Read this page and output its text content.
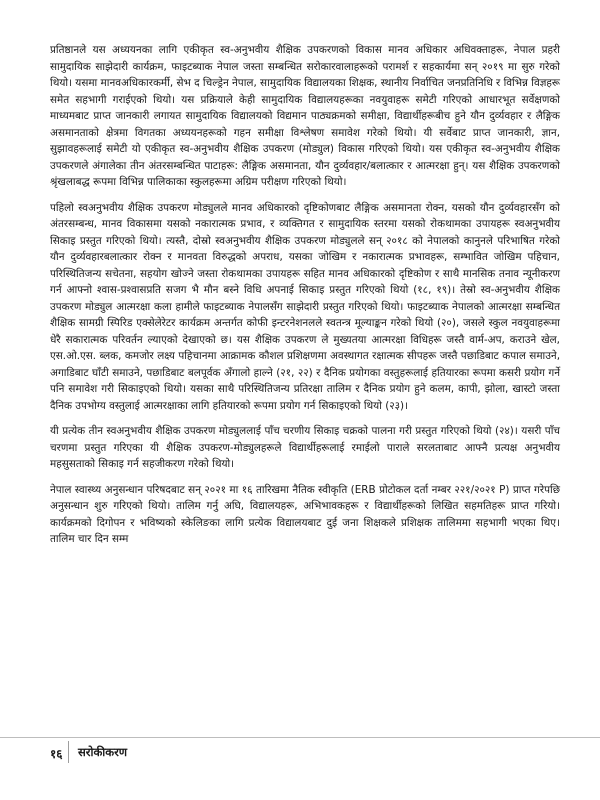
प्रतिष्ठानले यस अध्ययनका लागि एकीकृत स्व-अनुभवीय शैक्षिक उपकरणको विकास मानव अधिकार अधिवक्ताहरू, नेपाल प्रहरी सामुदायिक साझेदारी कार्यक्रम, फाइटब्याक नेपाल जस्ता सम्बन्धित सरोकारवालाहरूको परामर्श र सहकार्यमा सन् २०१९ मा सुरु गरेको थियो। यसमा मानवअधिकारकर्मी, सेभ द चिल्ड्रेन नेपाल, सामुदायिक विद्यालयका शिक्षक, स्थानीय निर्वाचित जनप्रतिनिधि र विभिन्न विज्ञहरू समेत सहभागी गराईएको थियो। यस प्रक्रियाले केही सामुदायिक विद्यालयहरूका नवयुवाहरू समेटी गरिएको आधारभूत सर्वेक्षणको माध्यमबाट प्राप्त जानकारी लगायत सामुदायिक विद्यालयको विद्यमान पाठ्यक्रमको समीक्षा, विद्यार्थीहरूबीच हुने यौन दुर्व्यवहार र लैङ्गिक असमानताको क्षेत्रमा विगतका अध्ययनहरूको गहन समीक्षा विश्लेषण समावेश गरेको थियो। यी सर्वेबाट प्राप्त जानकारी, ज्ञान, सुझावहरूलाई समेटी यो एकीकृत स्व-अनुभवीय शैक्षिक उपकरण (मोड्युल) विकास गरिएको थियो। यस एकीकृत स्व-अनुभवीय शैक्षिक उपकरणले अंगालेका तीन अंतरसम्बन्धित पाटाहरू: लैङ्गिक असमानता, यौन दुर्व्यवहार/बलात्कार र आत्मरक्षा हुन्। यस शैक्षिक उपकरणको श्रृंखलाबद्ध रूपमा विभिन्न पालिकाका स्कुलहरूमा अग्रिम परीक्षण गरिएको थियो।

पहिलो स्वअनुभवीय शैक्षिक उपकरण मोड्युलले मानव अधिकारको दृष्टिकोणबाट लैङ्गिक असमानता रोक्न, यसको यौन दुर्व्यवहारसँग को अंतरसम्बन्ध, मानव विकासमा यसको नकारात्मक प्रभाव, र व्यक्तिगत र सामुदायिक स्तरमा यसको रोकथामका उपायहरू स्वअनुभवीय सिकाइ प्रस्तुत गरिएको थियो। त्यस्तै, दोस्रो स्वअनुभवीय शैक्षिक उपकरण मोड्युलले सन् २०१८ को नेपालको कानुनले परिभाषित गरेको यौन दुर्व्यवहारबलात्कार रोक्न र मानवता विरुद्धको अपराध, यसका जोखिम र नकारात्मक प्रभावहरू, सम्भावित जोखिम पहिचान, परिस्थितिजन्य सचेतना, सहयोग खोज्ने जस्ता रोकथामका उपायहरू सहित मानव अधिकारको दृष्टिकोण र साथै मानसिक तनाव न्यूनीकरण गर्न आफ्नो श्वास-प्रश्वासप्रति सजग भै मौन बस्ने विधि अपनाई सिकाइ प्रस्तुत गरिएको थियो (१८, १९)। तेस्रो स्व-अनुभवीय शैक्षिक उपकरण मोड्युल आत्मरक्षा कला हामीले फाइटब्याक नेपालसँग साझेदारी प्रस्तुत गरिएको थियो। फाइटब्याक नेपालको आत्मरक्षा सम्बन्धित शैक्षिक सामग्री स्पिरिड एक्सेलेरेटर कार्यक्रम अन्तर्गत कोफी इन्टरनेशनलले स्वतन्त्र मूल्याङ्कन गरेको थियो (२०), जसले स्कुल नवयुवाहरूमा धेरै सकारात्मक परिवर्तन ल्याएको देखाएको छ। यस शैक्षिक उपकरण ले मुख्यतया आत्मरक्षा विधिहरू जस्तै वार्म-अप, कराउने खेल, एस.ओ.एस. ब्लक, कमजोर लक्ष्य पहिचानमा आक्रामक कौशल प्रशिक्षणमा अवस्थागत रक्षात्मक सीपहरू जस्तै पछाडिबाट कपाल समाउने, अगाडिबाट घाँटी समाउने, पछाडिबाट बलपूर्वक अँगालो हाल्ने (२१, २२) र दैनिक प्रयोगका वस्तुहरूलाई हतियारका रूपमा कसरी प्रयोग गर्ने पनि समावेश गरी सिकाइएको थियो। यसका साथै परिस्थितिजन्य प्रतिरक्षा तालिम र दैनिक प्रयोग हुने कलम, कापी, झोला, खास्टो जस्ता दैनिक उपभोग्य वस्तुलाई आत्मरक्षाका लागि हतियारको रूपमा प्रयोग गर्न सिकाइएको थियो (२३)।

यी प्रत्येक तीन स्वअनुभवीय शैक्षिक उपकरण मोड्युललाई पाँच चरणीय सिकाइ चक्रको पालना गरी प्रस्तुत गरिएको थियो (२४)। यसरी पाँच चरणमा प्रस्तुत गरिएका यी शैक्षिक उपकरण-मोड्युलहरूले विद्यार्थीहरूलाई रमाईलो पाराले सरलताबाट आफ्नै प्रत्यक्ष अनुभवीय महसुसताको सिकाइ गर्न सहजीकरण गरेको थियो।

नेपाल स्वास्थ्य अनुसन्धान परिषदबाट सन् २०२१ मा १६ तारिखमा नैतिक स्वीकृति (ERB प्रोटोकल दर्ता नम्बर २२१/२०२१ P) प्राप्त गरेपछि अनुसन्धान शुरु गरिएको थियो। तालिम गर्नु अघि, विद्यालयहरू, अभिभावकहरू र विद्यार्थीहरूको लिखित सहमतिहरू प्राप्त गरियो। कार्यक्रमको दिगोपन र भविष्यको स्केलिङका लागि प्रत्येक विद्यालयबाट दुई जना शिक्षकले प्रशिक्षक तालिममा सहभागी भएका थिए। तालिम चार दिन सम्म

१६ सरोकीकरण
